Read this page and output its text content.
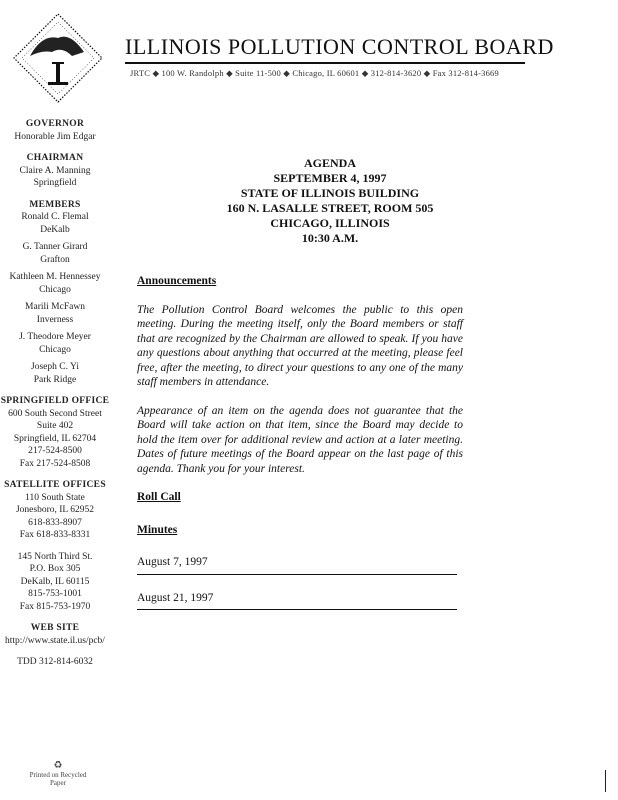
ILLINOIS POLLUTION CONTROL BOARD
JRTC ◆ 100 W. Randolph ◆ Suite 11-500 ◆ Chicago, IL 60601 ◆ 312-814-3620 ◆ Fax 312-814-3669
GOVERNOR
Honorable Jim Edgar
CHAIRMAN
Claire A. Manning
Springfield
MEMBERS
Ronald C. Flemal
DeKalb
G. Tanner Girard
Grafton
Kathleen M. Hennessey
Chicago
Marili McFawn
Inverness
J. Theodore Meyer
Chicago
Joseph C. Yi
Park Ridge
SPRINGFIELD OFFICE
600 South Second Street
Suite 402
Springfield, IL 62704
217-524-8500
Fax 217-524-8508
SATELLITE OFFICES
110 South State
Jonesboro, IL 62952
618-833-8907
Fax 618-833-8331
145 North Third St.
P.O. Box 305
DeKalb, IL 60115
815-753-1001
Fax 815-753-1970
WEB SITE
http://www.state.il.us/pcb/
TDD 312-814-6032
♻
Printed on Recycled Paper
AGENDA
SEPTEMBER 4, 1997
STATE OF ILLINOIS BUILDING
160 N. LASALLE STREET, ROOM 505
CHICAGO, ILLINOIS
10:30 A.M.
Announcements
The Pollution Control Board welcomes the public to this open meeting. During the meeting itself, only the Board members or staff that are recognized by the Chairman are allowed to speak. If you have any questions about anything that occurred at the meeting, please feel free, after the meeting, to direct your questions to any one of the many staff members in attendance.
Appearance of an item on the agenda does not guarantee that the Board will take action on that item, since the Board may decide to hold the item over for additional review and action at a later meeting. Dates of future meetings of the Board appear on the last page of this agenda. Thank you for your interest.
Roll Call
Minutes
August 7, 1997
August 21, 1997
